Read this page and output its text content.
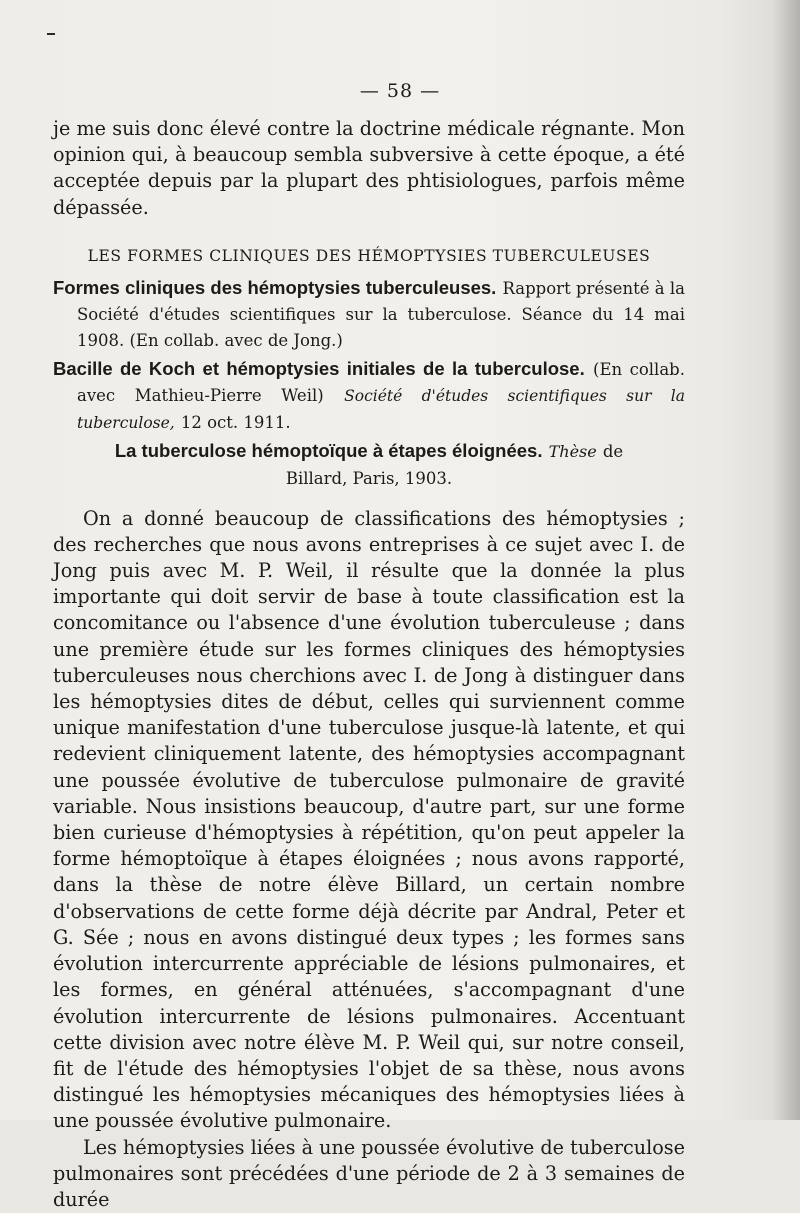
— 58 —

je me suis donc élevé contre la doctrine médicale régnante. Mon opinion qui, à beaucoup sembla subversive à cette époque, a été acceptée depuis par la plupart des phtisiologues, parfois même dépassée.

LES FORMES CLINIQUES DES HÉMOPTYSIES TUBERCULEUSES

Formes cliniques des hémoptysies tuberculeuses. Rapport présenté à la Société d'études scientifiques sur la tuberculose. Séance du 14 mai 1908. (En collab. avec de Jong.)

Bacille de Koch et hémoptysies initiales de la tuberculose. (En collab. avec Mathieu-Pierre Weil) Société d'études scientifiques sur la tuberculose, 12 oct. 1911.

La tuberculose hémoptoïque à étapes éloignées. Thèse de Billard, Paris, 1903.

On a donné beaucoup de classifications des hémoptysies ; des recherches que nous avons entreprises à ce sujet avec I. de Jong puis avec M. P. Weil, il résulte que la donnée la plus importante qui doit servir de base à toute classification est la concomitance ou l'absence d'une évolution tuberculeuse ; dans une première étude sur les formes cliniques des hémoptysies tuberculeuses nous cherchions avec I. de Jong à distinguer dans les hémoptysies dites de début, celles qui surviennent comme unique manifestation d'une tuberculose jusque-là latente, et qui redevient cliniquement latente, des hémoptysies accompagnant une poussée évolutive de tuberculose pulmonaire de gravité variable. Nous insistions beaucoup, d'autre part, sur une forme bien curieuse d'hémoptysies à répétition, qu'on peut appeler la forme hémoptoïque à étapes éloignées ; nous avons rapporté, dans la thèse de notre élève Billard, un certain nombre d'observations de cette forme déjà décrite par Andral, Peter et G. Sée ; nous en avons distingué deux types ; les formes sans évolution intercurrente appréciable de lésions pulmonaires, et les formes, en général atténuées, s'accompagnant d'une évolution intercurrente de lésions pulmonaires. Accentuant cette division avec notre élève M. P. Weil qui, sur notre conseil, fit de l'étude des hémoptysies l'objet de sa thèse, nous avons distingué les hémoptysies mécaniques des hémoptysies liées à une poussée évolutive pulmonaire.

Les hémoptysies liées à une poussée évolutive de tuberculose pulmonaires sont précédées d'une période de 2 à 3 semaines de durée
